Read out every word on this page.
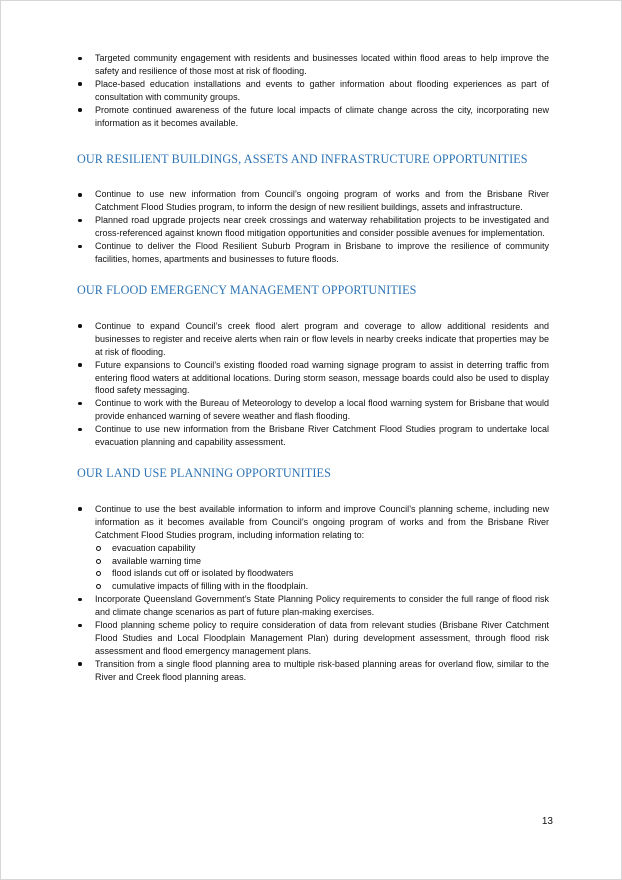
Targeted community engagement with residents and businesses located within flood areas to help improve the safety and resilience of those most at risk of flooding.
Place-based education installations and events to gather information about flooding experiences as part of consultation with community groups.
Promote continued awareness of the future local impacts of climate change across the city, incorporating new information as it becomes available.
OUR RESILIENT BUILDINGS, ASSETS AND INFRASTRUCTURE OPPORTUNITIES
Continue to use new information from Council’s ongoing program of works and from the Brisbane River Catchment Flood Studies program, to inform the design of new resilient buildings, assets and infrastructure.
Planned road upgrade projects near creek crossings and waterway rehabilitation projects to be investigated and cross-referenced against known flood mitigation opportunities and consider possible avenues for implementation.
Continue to deliver the Flood Resilient Suburb Program in Brisbane to improve the resilience of community facilities, homes, apartments and businesses to future floods.
OUR FLOOD EMERGENCY MANAGEMENT OPPORTUNITIES
Continue to expand Council’s creek flood alert program and coverage to allow additional residents and businesses to register and receive alerts when rain or flow levels in nearby creeks indicate that properties may be at risk of flooding.
Future expansions to Council’s existing flooded road warning signage program to assist in deterring traffic from entering flood waters at additional locations. During storm season, message boards could also be used to display flood safety messaging.
Continue to work with the Bureau of Meteorology to develop a local flood warning system for Brisbane that would provide enhanced warning of severe weather and flash flooding.
Continue to use new information from the Brisbane River Catchment Flood Studies program to undertake local evacuation planning and capability assessment.
OUR LAND USE PLANNING OPPORTUNITIES
Continue to use the best available information to inform and improve Council’s planning scheme, including new information as it becomes available from Council’s ongoing program of works and from the Brisbane River Catchment Flood Studies program, including information relating to:
evacuation capability
available warning time
flood islands cut off or isolated by floodwaters
cumulative impacts of filling with in the floodplain.
Incorporate Queensland Government’s State Planning Policy requirements to consider the full range of flood risk and climate change scenarios as part of future plan-making exercises.
Flood planning scheme policy to require consideration of data from relevant studies (Brisbane River Catchment Flood Studies and Local Floodplain Management Plan) during development assessment, through flood risk assessment and flood emergency management plans.
Transition from a single flood planning area to multiple risk-based planning areas for overland flow, similar to the River and Creek flood planning areas.
13
